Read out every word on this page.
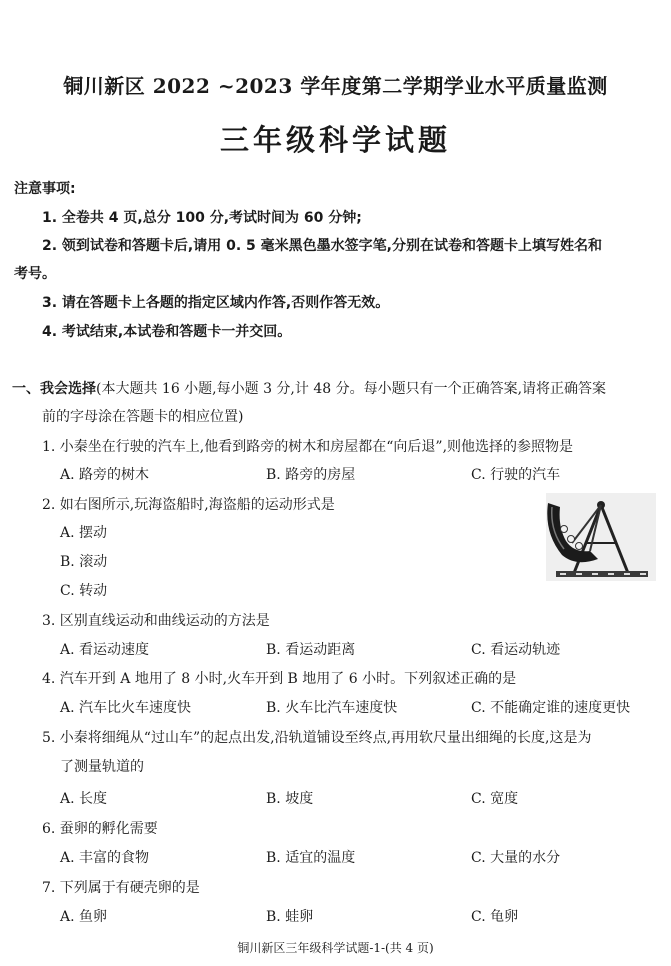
铜川新区 2022 ~2023 学年度第二学期学业水平质量监测
三年级科学试题
注意事项:
1. 全卷共 4 页,总分 100 分,考试时间为 60 分钟;
2. 领到试卷和答题卡后,请用 0. 5 毫米黑色墨水签字笔,分别在试卷和答题卡上填写姓名和
考号。
3. 请在答题卡上各题的指定区域内作答,否则作答无效。
4. 考试结束,本试卷和答题卡一并交回。
一、我会选择(本大题共 16 小题,每小题 3 分,计 48 分。每小题只有一个正确答案,请将正确答案
前的字母涂在答题卡的相应位置)
1. 小秦坐在行驶的汽车上,他看到路旁的树木和房屋都在“向后退”,则他选择的参照物是
A. 路旁的树木	B. 路旁的房屋	C. 行驶的汽车
2. 如右图所示,玩海盗船时,海盗船的运动形式是
A. 摆动
B. 滚动
C. 转动
3. 区别直线运动和曲线运动的方法是
A. 看运动速度	B. 看运动距离	C. 看运动轨迹
4. 汽车开到 A 地用了 8 小时,火车开到 B 地用了 6 小时。下列叙述正确的是
A. 汽车比火车速度快	B. 火车比汽车速度快	C. 不能确定谁的速度更快
5. 小秦将细绳从“过山车”的起点出发,沿轨道铺设至终点,再用软尺量出细绳的长度,这是为
了测量轨道的
A. 长度	B. 坡度	C. 宽度
6. 蚕卵的孵化需要
A. 丰富的食物	B. 适宜的温度	C. 大量的水分
7. 下列属于有硬壳卵的是
A. 鱼卵	B. 蛙卵	C. 龟卵
铜川新区三年级科学试题-1-(共 4 页)
